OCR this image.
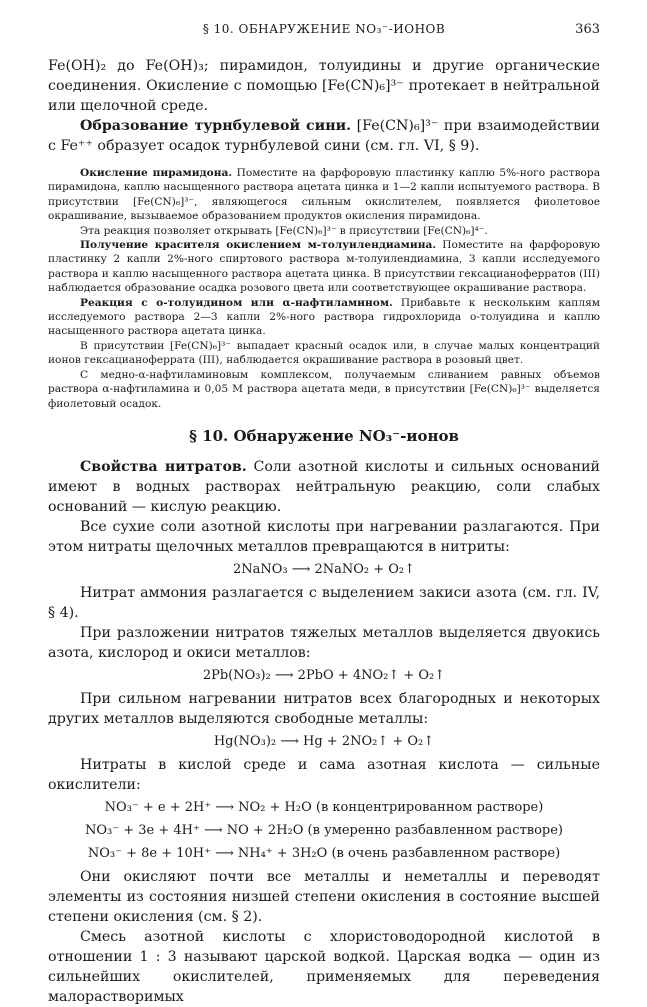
§ 10. ОБНАРУЖЕНИЕ NO₃⁻-ИОНОВ	363

Fe(OH)₂ до Fe(OH)₃; пирамидон, толуидины и другие органические соединения. Окисление с помощью [Fe(CN)₆]³⁻ протекает в нейтральной или щелочной среде.

Образование турнбулевой сини. [Fe(CN)₆]³⁻ при взаимодействии с Fe⁺⁺ образует осадок турнбулевой сини (см. гл. VI, § 9).

Окисление пирамидона. Поместите на фарфоровую пластинку каплю 5%-ного раствора пирамидона, каплю насыщенного раствора ацетата цинка и 1—2 капли испытуемого раствора. В присутствии [Fe(CN)₆]³⁻, являющегося сильным окислителем, появляется фиолетовое окрашивание, вызываемое образованием продуктов окисления пирамидона.

Эта реакция позволяет открывать [Fe(CN)₆]³⁻ в присутствии [Fe(CN)₆]⁴⁻.

Получение красителя окислением м-толуилендиамина. Поместите на фарфоровую пластинку 2 капли 2%-ного спиртового раствора м-толуилендиамина, 3 капли исследуемого раствора и каплю насыщенного раствора ацетата цинка. В присутствии гексацианоферратов (III) наблюдается образование осадка розового цвета или соответствующее окрашивание раствора.

Реакция с о-толуидином или α-нафтиламином. Прибавьте к нескольким каплям исследуемого раствора 2—3 капли 2%-ного раствора гидрохлорида о-толуидина и каплю насыщенного раствора ацетата цинка.

В присутствии [Fe(CN)₆]³⁻ выпадает красный осадок или, в случае малых концентраций ионов гексацианоферрата (III), наблюдается окрашивание раствора в розовый цвет.

С медно-α-нафтиламиновым комплексом, получаемым сливанием равных объемов раствора α-нафтиламина и 0,05 М раствора ацетата меди, в присутствии [Fe(CN)₆]³⁻ выделяется фиолетовый осадок.

§ 10. Обнаружение NO₃⁻-ионов

Свойства нитратов. Соли азотной кислоты и сильных оснований имеют в водных растворах нейтральную реакцию, соли слабых оснований — кислую реакцию.

Все сухие соли азотной кислоты при нагревании разлагаются. При этом нитраты щелочных металлов превращаются в нитриты:

2NaNO₃ ⟶ 2NaNO₂ + O₂↑

Нитрат аммония разлагается с выделением закиси азота (см. гл. IV, § 4).

При разложении нитратов тяжелых металлов выделяется двуокись азота, кислород и окиси металлов:

2Pb(NO₃)₂ ⟶ 2PbO + 4NO₂↑ + O₂↑

При сильном нагревании нитратов всех благородных и некоторых других металлов выделяются свободные металлы:

Hg(NO₃)₂ ⟶ Hg + 2NO₂↑ + O₂↑

Нитраты в кислой среде и сама азотная кислота — сильные окислители:

NO₃⁻ + e + 2H⁺ ⟶ NO₂ + H₂O (в концентрированном растворе)
NO₃⁻ + 3e + 4H⁺ ⟶ NO + 2H₂O (в умеренно разбавленном растворе)
NO₃⁻ + 8e + 10H⁺ ⟶ NH₄⁺ + 3H₂O (в очень разбавленном растворе)

Они окисляют почти все металлы и неметаллы и переводят элементы из состояния низшей степени окисления в состояние высшей степени окисления (см. § 2).

Смесь азотной кислоты с хлористоводородной кислотой в отношении 1 : 3 называют царской водкой. Царская водка — один из сильнейших окислителей, применяемых для переведения малорастворимых
